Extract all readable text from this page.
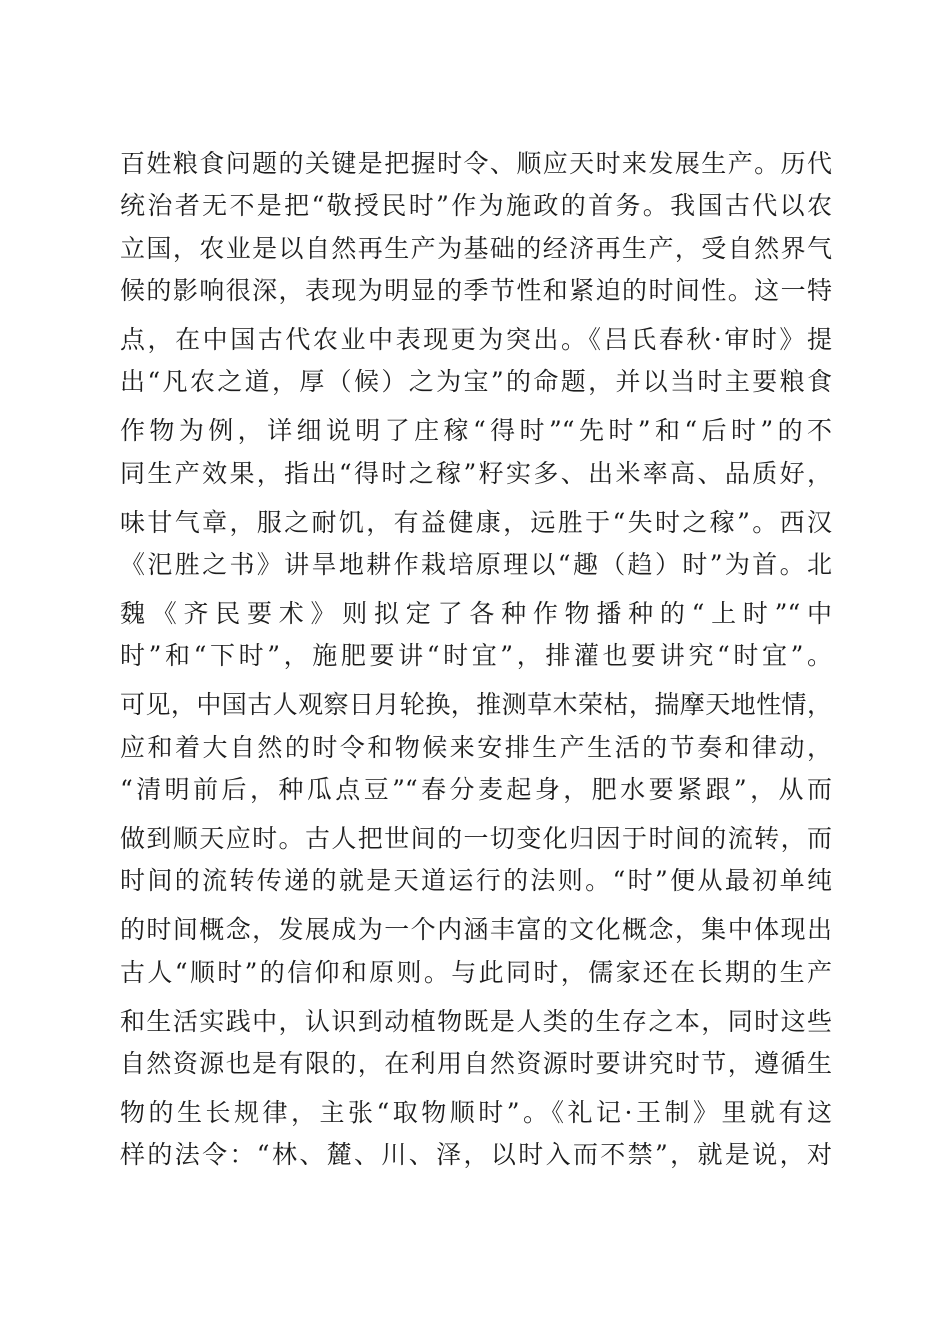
百姓粮食问题的关键是把握时令、顺应天时来发展生产。历代
统治者无不是把“敬授民时”作为施政的首务。我国古代以农
立国，农业是以自然再生产为基础的经济再生产，受自然界气
候的影响很深，表现为明显的季节性和紧迫的时间性。这一特
点，在中国古代农业中表现更为突出。《吕氏春秋·审时》提
出“凡农之道，厚（候）之为宝”的命题，并以当时主要粮食
作物为例，详细说明了庄稼“得时”“先时”和“后时”的不
同生产效果，指出“得时之稼”籽实多、出米率高、品质好，
味甘气章，服之耐饥，有益健康，远胜于“失时之稼”。西汉
《汜胜之书》讲旱地耕作栽培原理以“趣（趋）时”为首。北
魏《齐民要术》则拟定了各种作物播种的“上时”“中
时”和“下时”，施肥要讲“时宜”，排灌也要讲究“时宜”。
可见，中国古人观察日月轮换，推测草木荣枯，揣摩天地性情，
应和着大自然的时令和物候来安排生产生活的节奏和律动，
“清明前后，种瓜点豆”“春分麦起身，肥水要紧跟”，从而
做到顺天应时。古人把世间的一切变化归因于时间的流转，而
时间的流转传递的就是天道运行的法则。“时”便从最初单纯
的时间概念，发展成为一个内涵丰富的文化概念，集中体现出
古人“顺时”的信仰和原则。与此同时，儒家还在长期的生产
和生活实践中，认识到动植物既是人类的生存之本，同时这些
自然资源也是有限的，在利用自然资源时要讲究时节，遵循生
物的生长规律，主张“取物顺时”。《礼记·王制》里就有这
样的法令：“林、麓、川、泽，以时入而不禁”，就是说，对
